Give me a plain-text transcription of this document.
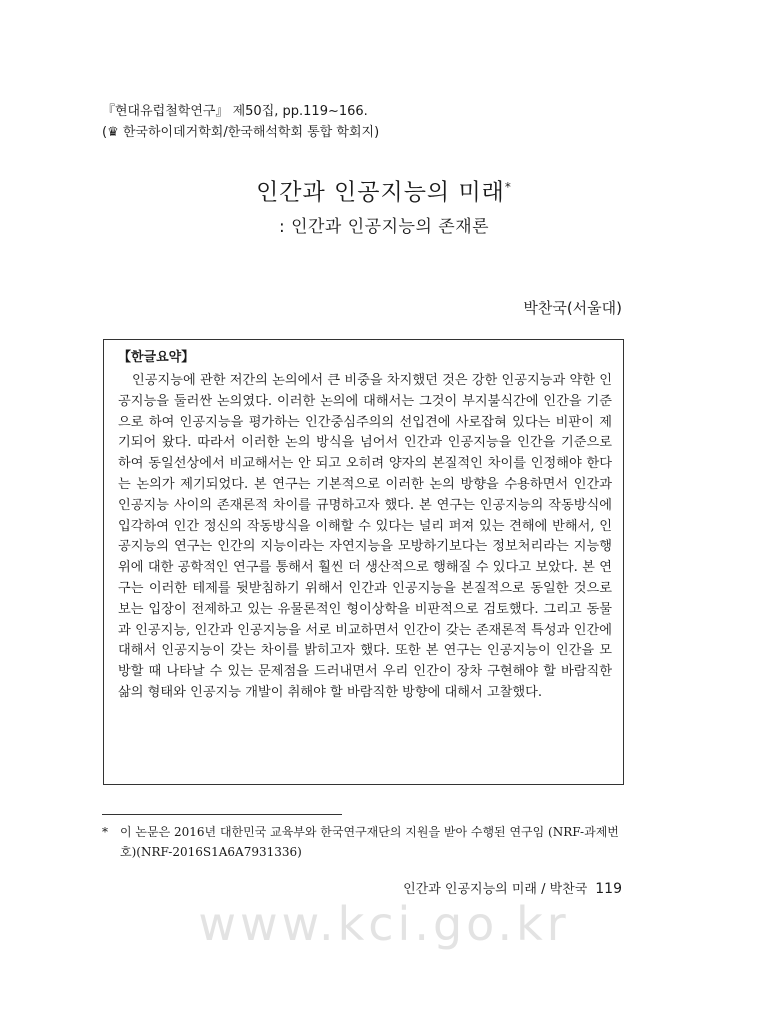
『현대유럽철학연구』 제50집, pp.119~166.
(♛ 한국하이데거학회/한국해석학회 통합 학회지)
인간과 인공지능의 미래*
: 인간과 인공지능의 존재론
박찬국(서울대)
【한글요약】
인공지능에 관한 저간의 논의에서 큰 비중을 차지했던 것은 강한 인공지능과 약한 인공지능을 둘러싼 논의였다. 이러한 논의에 대해서는 그것이 부지불식간에 인간을 기준으로 하여 인공지능을 평가하는 인간중심주의의 선입견에 사로잡혀 있다는 비판이 제기되어 왔다. 따라서 이러한 논의 방식을 넘어서 인간과 인공지능을 인간을 기준으로 하여 동일선상에서 비교해서는 안 되고 오히려 양자의 본질적인 차이를 인정해야 한다는 논의가 제기되었다. 본 연구는 기본적으로 이러한 논의 방향을 수용하면서 인간과 인공지능 사이의 존재론적 차이를 규명하고자 했다. 본 연구는 인공지능의 작동방식에 입각하여 인간 정신의 작동방식을 이해할 수 있다는 널리 퍼져 있는 견해에 반해서, 인공지능의 연구는 인간의 지능이라는 자연지능을 모방하기보다는 정보처리라는 지능행위에 대한 공학적인 연구를 통해서 훨씬 더 생산적으로 행해질 수 있다고 보았다. 본 연구는 이러한 테제를 뒷받침하기 위해서 인간과 인공지능을 본질적으로 동일한 것으로 보는 입장이 전제하고 있는 유물론적인 형이상학을 비판적으로 검토했다. 그리고 동물과 인공지능, 인간과 인공지능을 서로 비교하면서 인간이 갖는 존재론적 특성과 인간에 대해서 인공지능이 갖는 차이를 밝히고자 했다. 또한 본 연구는 인공지능이 인간을 모방할 때 나타날 수 있는 문제점을 드러내면서 우리 인간이 장차 구현해야 할 바람직한 삶의 형태와 인공지능 개발이 취해야 할 바람직한 방향에 대해서 고찰했다.
* 이 논문은 2016년 대한민국 교육부와 한국연구재단의 지원을 받아 수행된 연구임 (NRF-과제번호)(NRF-2016S1A6A7931336)
인간과 인공지능의 미래 / 박찬국 119
www.kci.go.kr
